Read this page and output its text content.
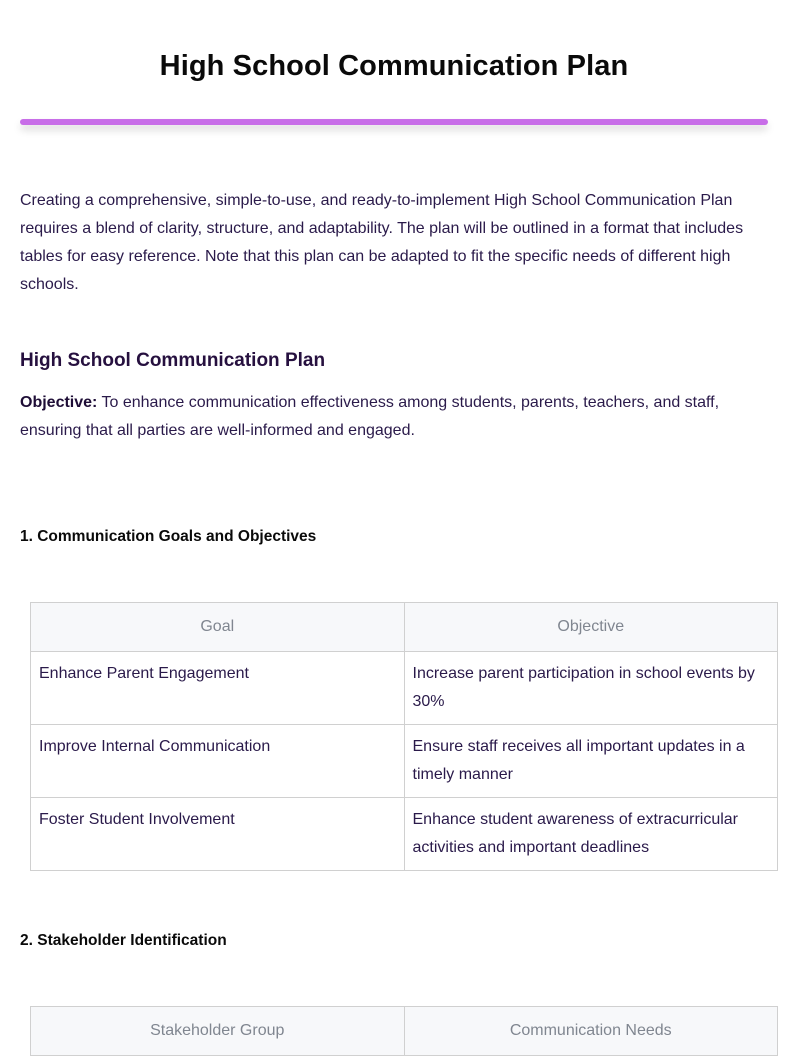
High School Communication Plan

Creating a comprehensive, simple-to-use, and ready-to-implement High School Communication Plan requires a blend of clarity, structure, and adaptability. The plan will be outlined in a format that includes tables for easy reference. Note that this plan can be adapted to fit the specific needs of different high schools.

High School Communication Plan

Objective: To enhance communication effectiveness among students, parents, teachers, and staff, ensuring that all parties are well-informed and engaged.

1. Communication Goals and Objectives
Goal	Objective
Enhance Parent Engagement	Increase parent participation in school events by 30%
Improve Internal Communication	Ensure staff receives all important updates in a timely manner
Foster Student Involvement	Enhance student awareness of extracurricular activities and important deadlines
2. Stakeholder Identification
Stakeholder Group	Communication Needs
